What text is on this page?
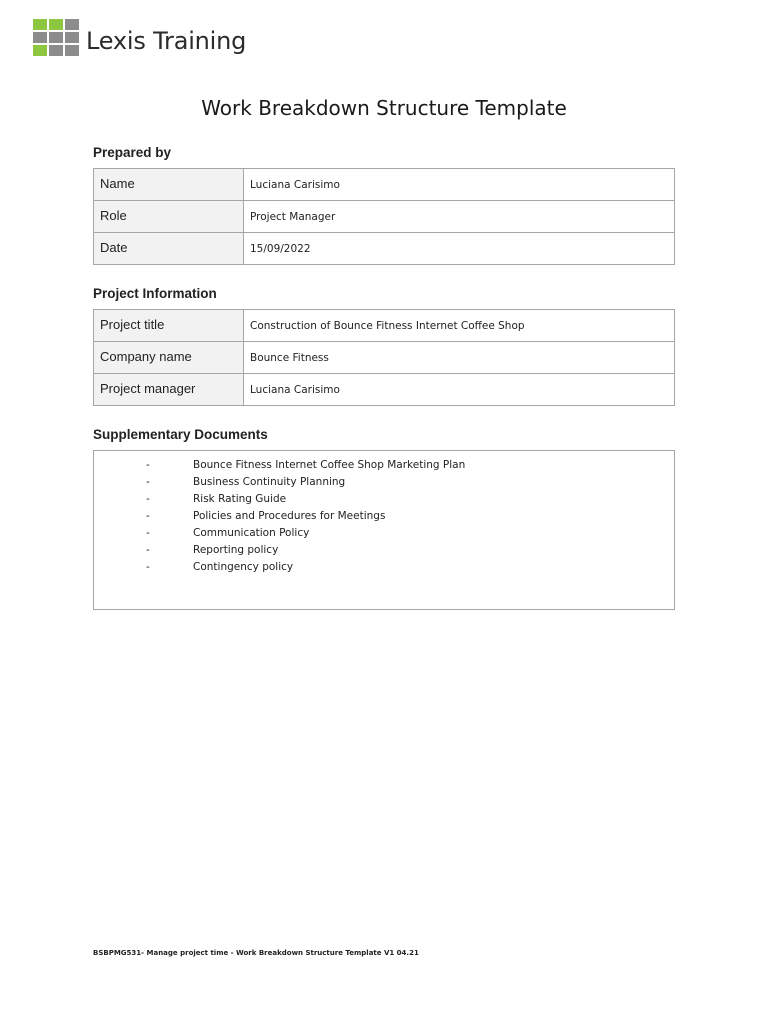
Lexis Training
Work Breakdown Structure Template
Prepared by
Name	Luciana Carisimo
Role	Project Manager
Date	15/09/2022
Project Information
Project title	Construction of Bounce Fitness Internet Coffee Shop
Company name	Bounce Fitness
Project manager	Luciana Carisimo
Supplementary Documents
-	Bounce Fitness Internet Coffee Shop Marketing Plan
-	Business Continuity Planning
-	Risk Rating Guide
-	Policies and Procedures for Meetings
-	Communication Policy
-	Reporting policy
-	Contingency policy
BSBPMG531- Manage project time - Work Breakdown Structure Template V1 04.21
